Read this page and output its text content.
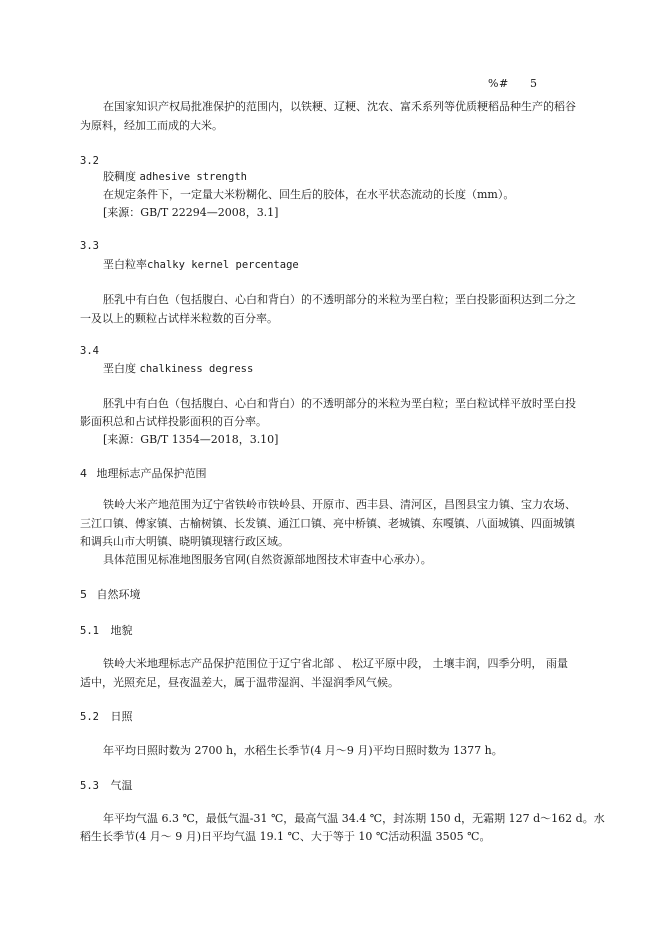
%# 5
在国家知识产权局批准保护的范围内，以铁粳、辽粳、沈农、富禾系列等优质粳稻品种生产的稻谷
为原料，经加工而成的大米。
3.2
胶稠度 adhesive strength
在规定条件下，一定量大米粉糊化、回生后的胶体，在水平状态流动的长度（mm）。
[来源：GB/T 22294—2008，3.1]
3.3
垩白粒率chalky kernel percentage
胚乳中有白色（包括腹白、心白和背白）的不透明部分的米粒为垩白粒；垩白投影面积达到二分之
一及以上的颗粒占试样米粒数的百分率。
3.4
垩白度 chalkiness degress
胚乳中有白色（包括腹白、心白和背白）的不透明部分的米粒为垩白粒；垩白粒试样平放时垩白投
影面积总和占试样投影面积的百分率。
[来源：GB/T 1354—2018，3.10]
4 地理标志产品保护范围
铁岭大米产地范围为辽宁省铁岭市铁岭县、开原市、西丰县、清河区，昌图县宝力镇、宝力农场、
三江口镇、傅家镇、古榆树镇、长发镇、通江口镇、亮中桥镇、老城镇、东嘎镇、八面城镇、四面城镇
和调兵山市大明镇、晓明镇现辖行政区域。
具体范围见标准地图服务官网(自然资源部地图技术审查中心承办）。
5 自然环境
5.1 地貌
铁岭大米地理标志产品保护范围位于辽宁省北部 、 松辽平原中段， 土壤丰润，四季分明， 雨量
适中，光照充足，昼夜温差大，属于温带湿润、半湿润季风气候。
5.2 日照
年平均日照时数为 2700 h，水稻生长季节(4 月～9 月)平均日照时数为 1377 h。
5.3 气温
年平均气温 6.3 ℃，最低气温-31 ℃，最高气温 34.4 ℃，封冻期 150 d，无霜期 127 d～162 d。水
稻生长季节(4 月～ 9 月)日平均气温 19.1 ℃、大于等于 10 ℃活动积温 3505 ℃。
